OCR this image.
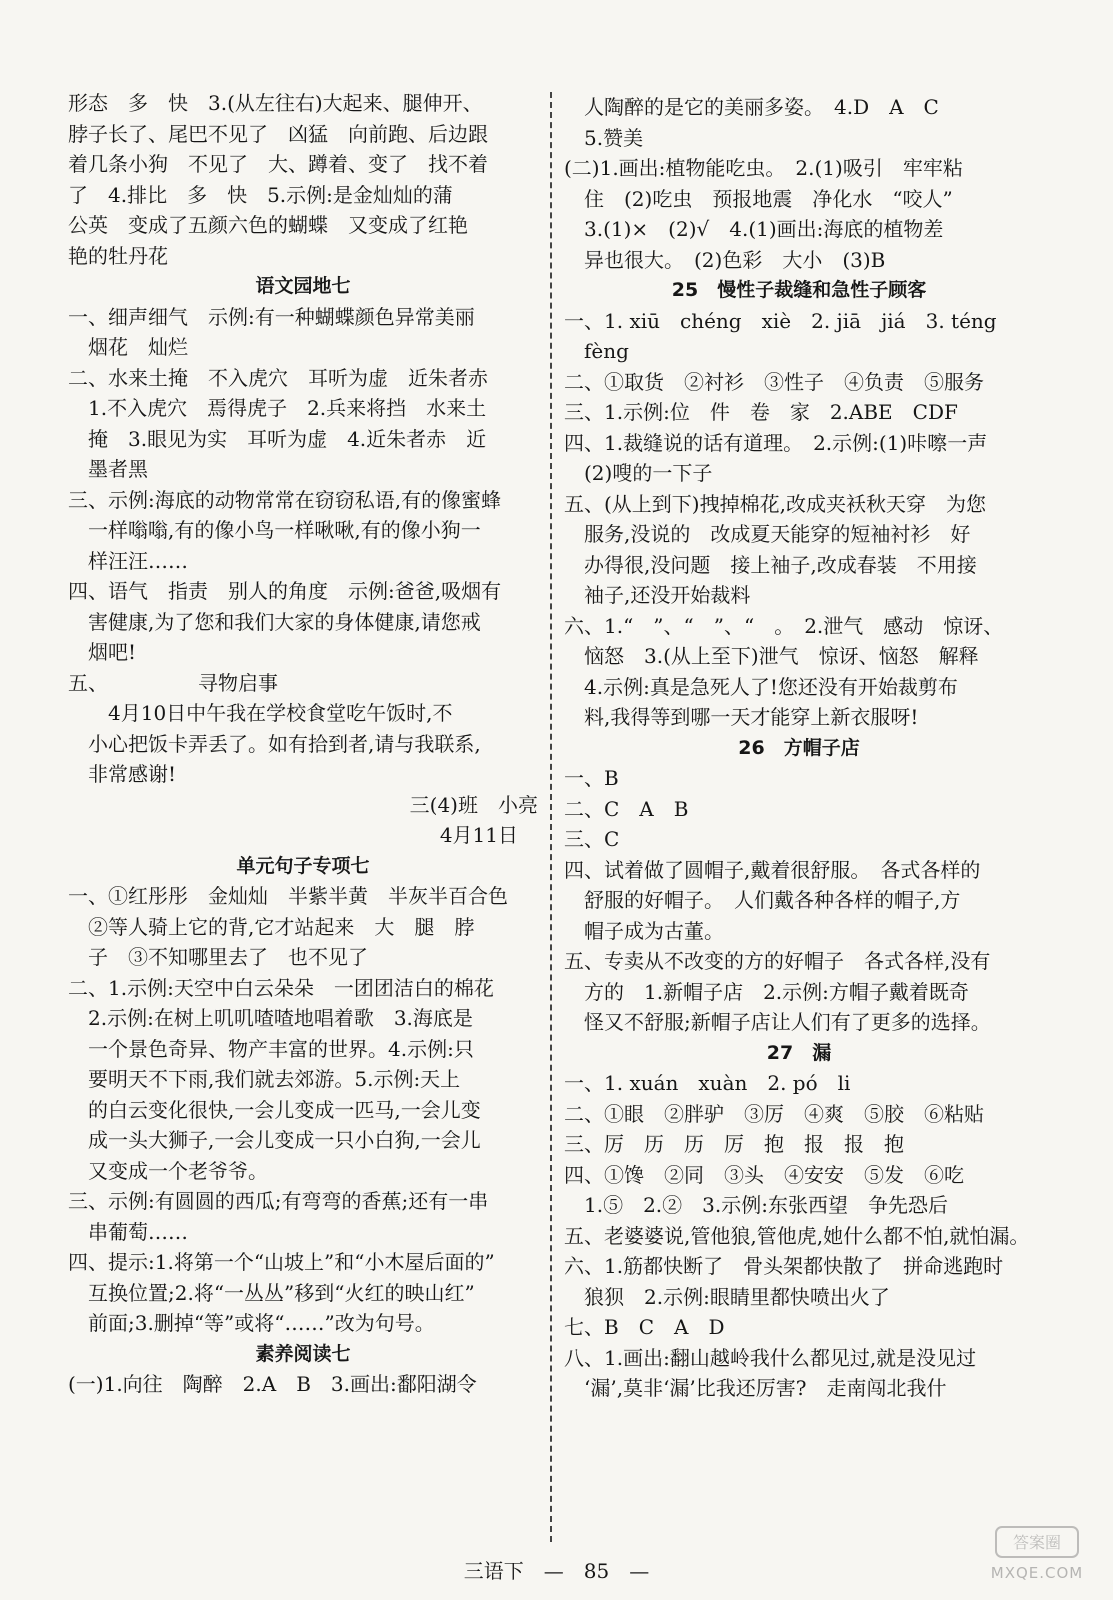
形态　多　快　3.(从左往右)大起来、腿伸开、
脖子长了、尾巴不见了　凶猛　向前跑、后边跟
着几条小狗　不见了　大、蹲着、变了　找不着
了　4.排比　多　快　5.示例:是金灿灿的蒲
公英　变成了五颜六色的蝴蝶　又变成了红艳
艳的牡丹花
语文园地七
一、细声细气　示例:有一种蝴蝶颜色异常美丽
　烟花　灿烂
二、水来土掩　不入虎穴　耳听为虚　近朱者赤
　1.不入虎穴　焉得虎子　2.兵来将挡　水来土
　掩　3.眼见为实　耳听为虚　4.近朱者赤　近
　墨者黑
三、示例:海底的动物常常在窃窃私语,有的像蜜蜂
　一样嗡嗡,有的像小鸟一样啾啾,有的像小狗一
　样汪汪……
四、语气　指责　别人的角度　示例:爸爸,吸烟有
　害健康,为了您和我们大家的身体健康,请您戒
　烟吧!
五、　　　　　寻物启事
　　4月10日中午我在学校食堂吃午饭时,不
　小心把饭卡弄丢了。如有拾到者,请与我联系,
　非常感谢!
三(4)班　小亮
4月11日　
单元句子专项七
一、①红彤彤　金灿灿　半紫半黄　半灰半百合色
　②等人骑上它的背,它才站起来　大　腿　脖
　子　③不知哪里去了　也不见了
二、1.示例:天空中白云朵朵　一团团洁白的棉花
　2.示例:在树上叽叽喳喳地唱着歌　3.海底是
　一个景色奇异、物产丰富的世界。4.示例:只
　要明天不下雨,我们就去郊游。5.示例:天上
　的白云变化很快,一会儿变成一匹马,一会儿变
　成一头大狮子,一会儿变成一只小白狗,一会儿
　又变成一个老爷爷。
三、示例:有圆圆的西瓜;有弯弯的香蕉;还有一串
　串葡萄……
四、提示:1.将第一个“山坡上”和“小木屋后面的”
　互换位置;2.将“一丛丛”移到“火红的映山红”
　前面;3.删掉“等”或将“……”改为句号。
素养阅读七
(一)1.向往　陶醉　2.A　B　3.画出:鄱阳湖令
　人陶醉的是它的美丽多姿。　4.D　A　C
　5.赞美
(二)1.画出:植物能吃虫。　2.(1)吸引　牢牢粘
　住　(2)吃虫　预报地震　净化水　“咬人”
　3.(1)×　(2)√　4.(1)画出:海底的植物差
　异也很大。　(2)色彩　大小　(3)B
25　慢性子裁缝和急性子顾客
一、1. xiū　chéng　xiè　2. jiā　jiá　3. téng
　fèng
二、①取货　②衬衫　③性子　④负责　⑤服务
三、1.示例:位　件　卷　家　2.ABE　CDF
四、1.裁缝说的话有道理。　2.示例:(1)咔嚓一声
　(2)嗖的一下子
五、(从上到下)拽掉棉花,改成夹袄秋天穿　为您
　服务,没说的　改成夏天能穿的短袖衬衫　好
　办得很,没问题　接上袖子,改成春装　不用接
　袖子,还没开始裁料
六、1.“　”、“　”、“　。　2.泄气　感动　惊讶、
　恼怒　3.(从上至下)泄气　惊讶、恼怒　解释
　4.示例:真是急死人了!您还没有开始裁剪布
　料,我得等到哪一天才能穿上新衣服呀!
26　方帽子店
一、B
二、C　A　B
三、C
四、试着做了圆帽子,戴着很舒服。　各式各样的
　舒服的好帽子。　人们戴各种各样的帽子,方
　帽子成为古董。
五、专卖从不改变的方的好帽子　各式各样,没有
　方的　1.新帽子店　2.示例:方帽子戴着既奇
　怪又不舒服;新帽子店让人们有了更多的选择。
27　漏
一、1. xuán　xuàn　2. pó　li
二、①眼　②胖驴　③厉　④爽　⑤胶　⑥粘贴
三、厉　历　历　厉　抱　报　报　抱
四、①馋　②同　③头　④安安　⑤发　⑥吃
　1.⑤　2.②　3.示例:东张西望　争先恐后
五、老婆婆说,管他狼,管他虎,她什么都不怕,就怕漏。
六、1.筋都快断了　骨头架都快散了　拼命逃跑时
　狼狈　2.示例:眼睛里都快喷出火了
七、B　C　A　D
八、1.画出:翻山越岭我什么都见过,就是没见过
　‘漏’,莫非‘漏’比我还厉害?　走南闯北我什
三语下　—　85　—
答案圈
MXQE.COM
